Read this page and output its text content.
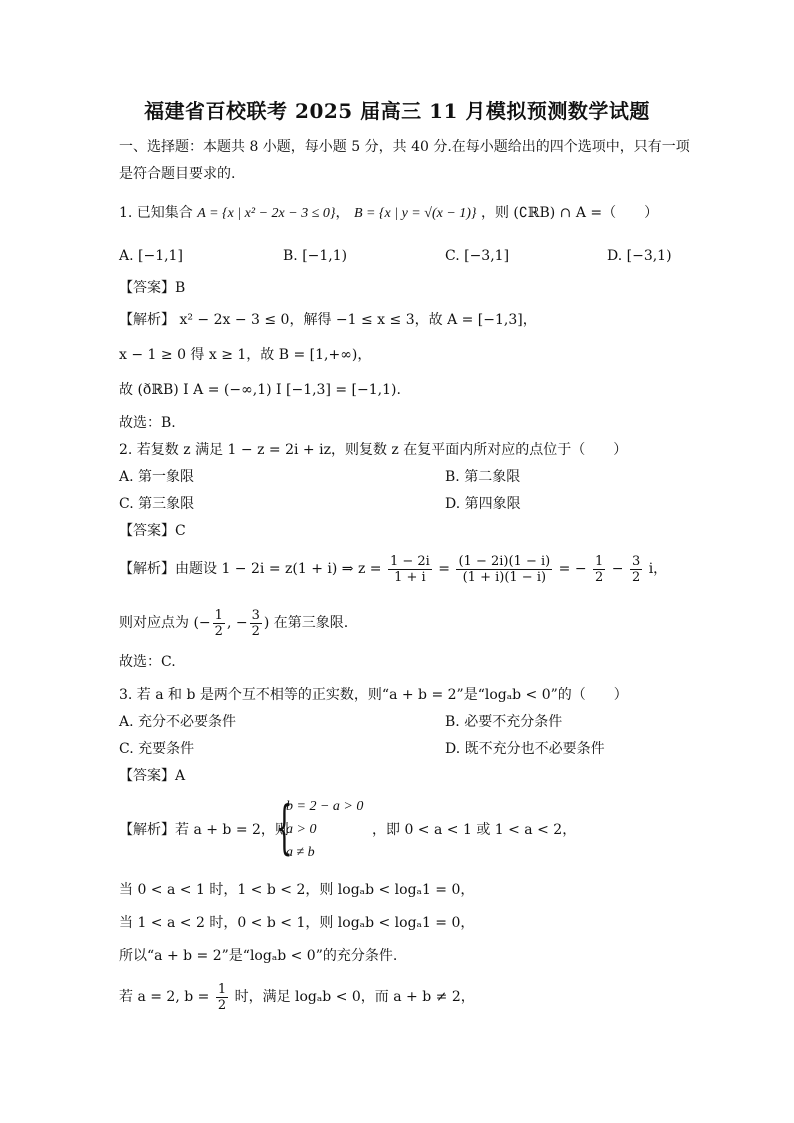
福建省百校联考 2025 届高三 11 月模拟预测数学试题
一、选择题：本题共 8 小题，每小题 5 分，共 40 分.在每小题给出的四个选项中，只有一项
是符合题目要求的.
1. 已知集合 A = {x | x² − 2x − 3 ≤ 0}， B = {x | y = √(x − 1)} ，则 (∁ℝB) ∩ A =（　　）
A. [−1,1]	B. [−1,1)	C. [−3,1]	D. [−3,1)
【答案】B
【解析】 x² − 2x − 3 ≤ 0，解得 −1 ≤ x ≤ 3，故 A = [−1,3]，
x − 1 ≥ 0 得 x ≥ 1，故 B = [1,+∞)，
故 (ðℝB) Ι A = (−∞,1) Ι [−1,3] = [−1,1).
故选：B.
2. 若复数 z 满足 1 − z = 2i + iz，则复数 z 在复平面内所对应的点位于（　　）
A. 第一象限	B. 第二象限
C. 第三象限	D. 第四象限
【答案】C
【解析】由题设 1 − 2i = z(1 + i) ⇒ $z = \frac{1 - 2i}{1 + i} = \frac{(1 - 2i)(1 - i)}{(1 + i)(1 - i)}$ = − $\frac{1}{2} - \frac{3}{2}$ i，
则对应点为 (− $\frac{1}{2}$ , − $\frac{3}{2}$ ) 在第三象限.
故选：C.
3. 若 a 和 b 是两个互不相等的正实数，则“a + b = 2”是“logₐb < 0”的（　　）
A. 充分不必要条件	B. 必要不充分条件
C. 充要条件	D. 既不充分也不必要条件
【答案】A
【解析】若 a + b = 2，则
{
b = 2 − a > 0
a > 0
a ≠ b
，即 0 < a < 1 或 1 < a < 2，
当 0 < a < 1 时，1 < b < 2，则 logₐb < logₐ1 = 0，
当 1 < a < 2 时，0 < b < 1，则 logₐb < logₐ1 = 0，
所以“a + b = 2”是“logₐb < 0”的充分条件.
若 a = 2, $b = \frac{1}{2}$ 时，满足 logₐb < 0，而 a + b ≠ 2，
